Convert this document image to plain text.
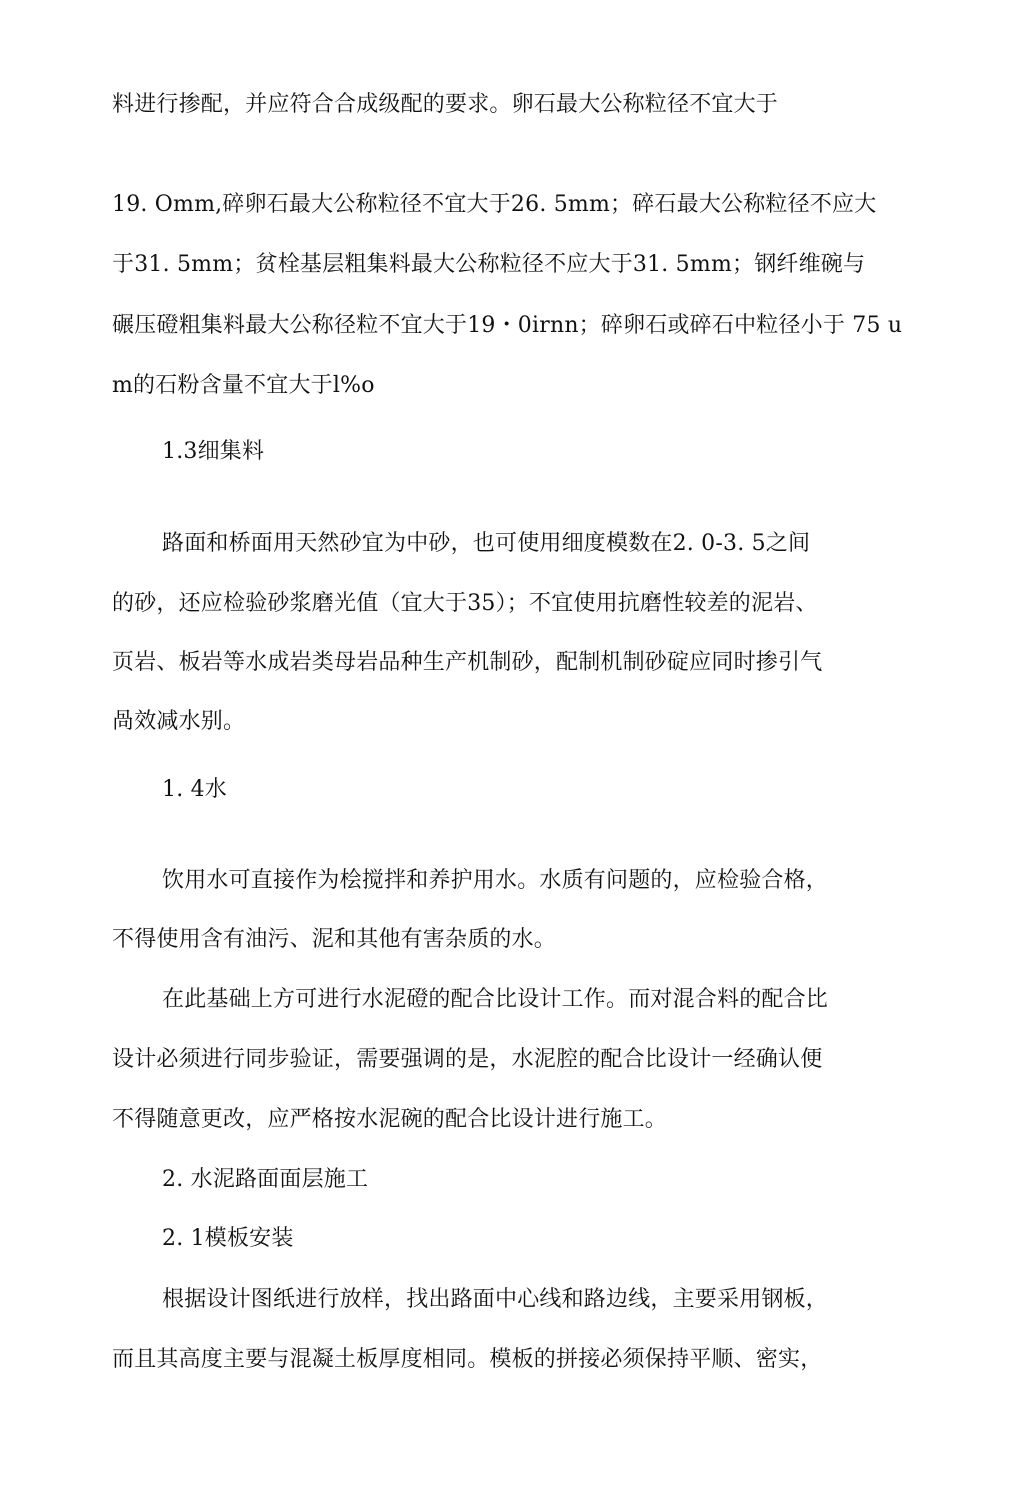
料进行掺配，并应符合合成级配的要求。卵石最大公称粒径不宜大于
19. Omm,碎卵石最大公称粒径不宜大于26. 5mm；碎石最大公称粒径不应大
于31. 5mm；贫栓基层粗集料最大公称粒径不应大于31. 5mm；钢纤维碗与
碾压磴粗集料最大公称径粒不宜大于19・0irnn；碎卵石或碎石中粒径小于 75 u
m的石粉含量不宜大于l%o
1.3细集料
路面和桥面用天然砂宜为中砂，也可使用细度模数在2. 0-3. 5之间
的砂，还应检验砂浆磨光值（宜大于35）；不宜使用抗磨性较差的泥岩、
页岩、板岩等水成岩类母岩品种生产机制砂，配制机制砂碇应同时掺引气
咼效减水别。
1. 4水
饮用水可直接作为桧搅拌和养护用水。水质有问题的，应检验合格，
不得使用含有油污、泥和其他有害杂质的水。
在此基础上方可进行水泥磴的配合比设计工作。而对混合料的配合比
设计必须进行同步验证，需要强调的是，水泥腔的配合比设计一经确认便
不得随意更改，应严格按水泥碗的配合比设计进行施工。
2. 水泥路面面层施工
2. 1模板安装
根据设计图纸进行放样，找出路面中心线和路边线，主要采用钢板，
而且其高度主要与混凝土板厚度相同。模板的拼接必须保持平顺、密实，
